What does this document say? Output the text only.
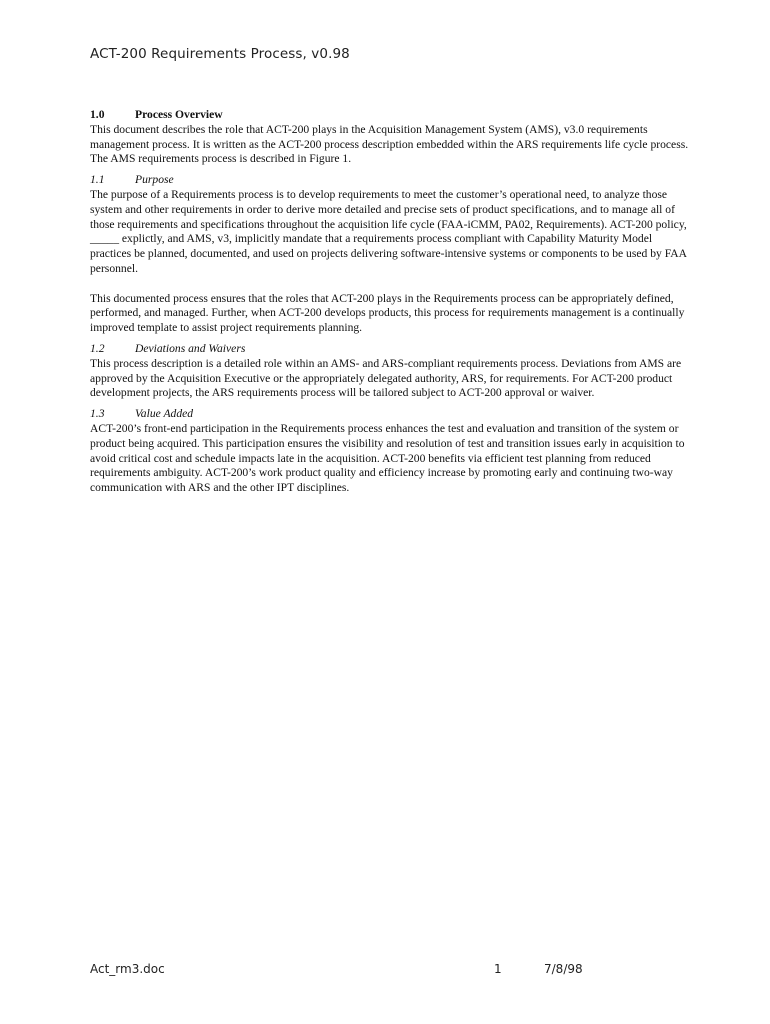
ACT-200 Requirements Process, v0.98
1.0	Process Overview

This document describes the role that ACT-200 plays in the Acquisition Management System (AMS), v3.0 requirements management process. It is written as the ACT-200 process description embedded within the ARS requirements life cycle process. The AMS requirements process is described in Figure 1.

1.1	Purpose

The purpose of a Requirements process is to develop requirements to meet the customer’s operational need, to analyze those system and other requirements in order to derive more detailed and precise sets of product specifications, and to manage all of those requirements and specifications throughout the acquisition life cycle (FAA-iCMM, PA02, Requirements). ACT-200 policy, _____ explictly, and AMS, v3, implicitly mandate that a requirements process compliant with Capability Maturity Model practices be planned, documented, and used on projects delivering software-intensive systems or components to be used by FAA personnel.

This documented process ensures that the roles that ACT-200 plays in the Requirements process can be appropriately defined, performed, and managed. Further, when ACT-200 develops products, this process for requirements management is a continually improved template to assist project requirements planning.

1.2	Deviations and Waivers

This process description is a detailed role within an AMS- and ARS-compliant requirements process. Deviations from AMS are approved by the Acquisition Executive or the appropriately delegated authority, ARS, for requirements. For ACT-200 product development projects, the ARS requirements process will be tailored subject to ACT-200 approval or waiver.

1.3	Value Added

ACT-200’s front-end participation in the Requirements process enhances the test and evaluation and transition of the system or product being acquired. This participation ensures the visibility and resolution of test and transition issues early in acquisition to avoid critical cost and schedule impacts late in the acquisition. ACT-200 benefits via efficient test planning from reduced requirements ambiguity. ACT-200’s work product quality and efficiency increase by promoting early and continuing two-way communication with ARS and the other IPT disciplines.

Act_rm3.doc	1	7/8/98
